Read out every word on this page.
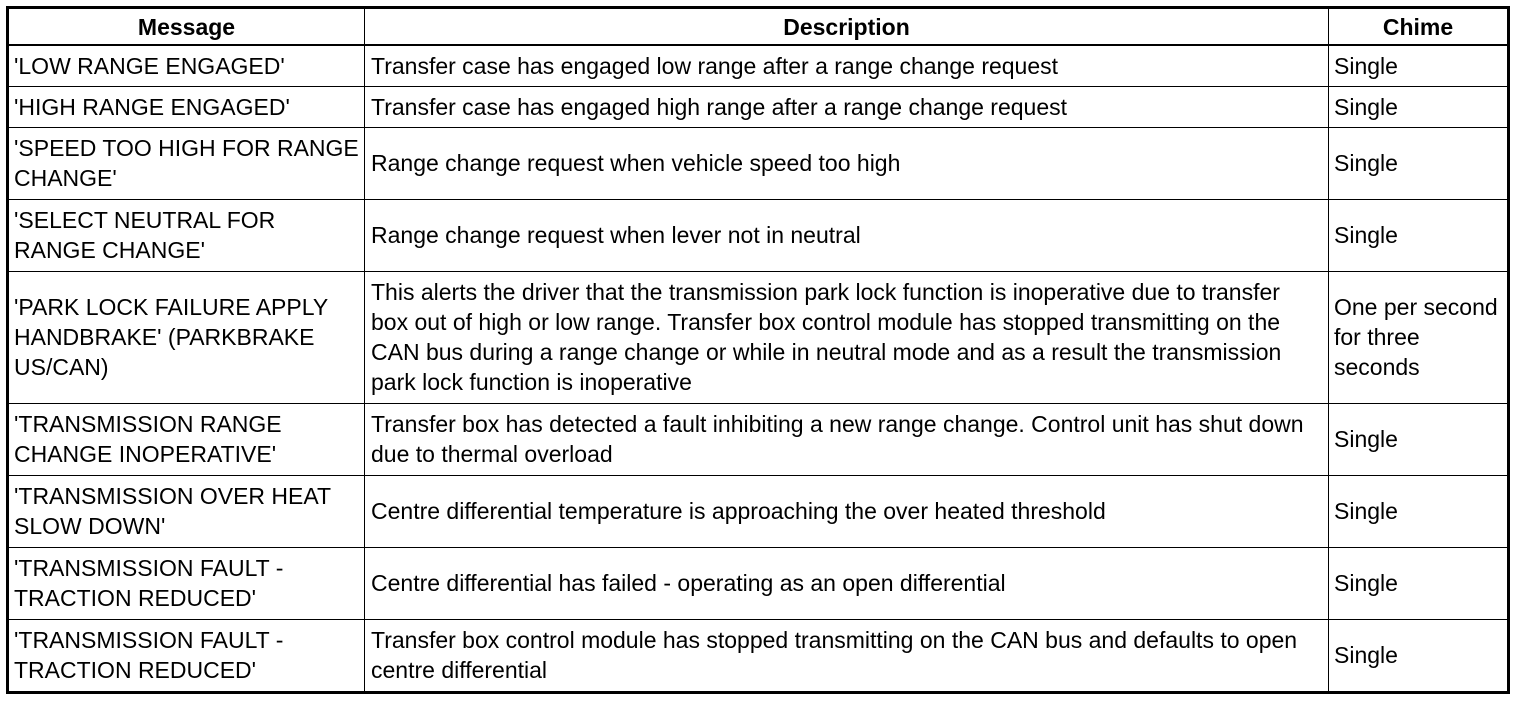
Message	Description	Chime
'LOW RANGE ENGAGED'	Transfer case has engaged low range after a range change request	Single
'HIGH RANGE ENGAGED'	Transfer case has engaged high range after a range change request	Single
'SPEED TOO HIGH FOR RANGE CHANGE'	Range change request when vehicle speed too high	Single
'SELECT NEUTRAL FOR RANGE CHANGE'	Range change request when lever not in neutral	Single
'PARK LOCK FAILURE APPLY HANDBRAKE' (PARKBRAKE US/CAN)	This alerts the driver that the transmission park lock function is inoperative due to transfer box out of high or low range. Transfer box control module has stopped transmitting on the CAN bus during a range change or while in neutral mode and as a result the transmission park lock function is inoperative	One per second for three seconds
'TRANSMISSION RANGE CHANGE INOPERATIVE'	Transfer box has detected a fault inhibiting a new range change. Control unit has shut down due to thermal overload	Single
'TRANSMISSION OVER HEAT SLOW DOWN'	Centre differential temperature is approaching the over heated threshold	Single
'TRANSMISSION FAULT - TRACTION REDUCED'	Centre differential has failed - operating as an open differential	Single
'TRANSMISSION FAULT - TRACTION REDUCED'	Transfer box control module has stopped transmitting on the CAN bus and defaults to open centre differential	Single
